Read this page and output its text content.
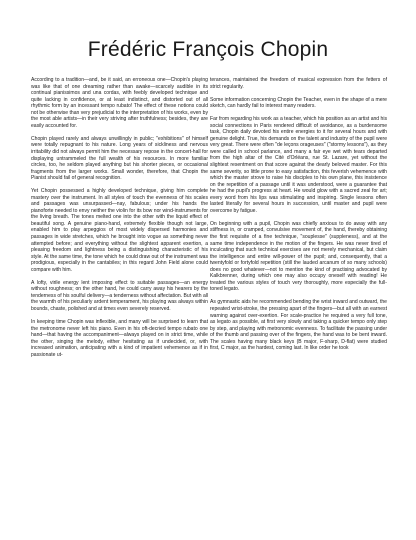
Frédéric François Chopin

According to a tradition—and, be it said, an erroneous one—Chopin's playing was like that of one dreaming rather than awake—scarcely audible in its continual pianissimos and una cordas, with feebly developed technique and quite lacking in confidence, or at least indistinct, and distorted out of all rhythmic form by an incessant tempo rubato! The effect of these notions could not be otherwise than very prejudicial to the interpretation of his works, even by the most able artists—in their very striving after truthfulness; besides, they are easily accounted for.

Chopin played rarely and always unwillingly in public; "exhibitions" of himself were totally repugnant to his nature. Long years of sickliness and nervous irritability did not always permit him the necessary repose in the concert-hall for displaying untrammeled the full wealth of his resources. In more familiar circles, too, he seldom played anything but his shorter pieces, or occasional fragments from the larger works. Small wonder, therefore, that Chopin the Pianist should fail of general recognition.

Yet Chopin possessed a highly developed technique, giving him complete mastery over the instrument. In all styles of touch the evenness of his scales and passages was unsurpassed—nay, fabulous; under his hands the pianoforte needed to envy neither the violin for its bow nor wind-instruments for the living breath. The tones melted one into the other with the liquid effect of beautiful song. A genuine piano-hand, extremely flexible though not large, enabled him to play arpeggios of most widely dispersed harmonies and passages in wide stretches, which he brought into vogue as something never attempted before; and everything without the slightest apparent exertion, a pleasing freedom and lightness being a distinguishing characteristic of his style. At the same time, the tone which he could draw out of the instrument was prodigious, especially in the cantabiles; in this regard John Field alone could compare with him.

A lofty, virile energy lent imposing effect to suitable passages—an energy without roughness; on the other hand, he could carry away his hearers by the tenderness of his soulful delivery—a tenderness without affectation. But with all the warmth of his peculiarly ardent temperament, his playing was always within bounds, chaste, polished and at times even severely reserved.

In keeping time Chopin was inflexible, and many will be surprised to learn that the metronome never left his piano. Even in his oft-decried tempo rubato one hand—that having the accompaniment—always played on in strict time, while the other, singing the melody, either hesitating as if undecided, or, with increased animation, anticipating with a kind of impatient vehemence as if in passionate ut-

terances, maintained the freedom of musical expression from the fetters of strict regularity.

Some information concerning Chopin the Teacher, even in the shape of a mere sketch, can hardly fail to interest many readers.

Far from regarding his work as a teacher, which his position as an artist and his social connections in Paris rendered difficult of avoidance, as a burdensome task, Chopin daily devoted his entire energies to it for several hours and with genuine delight. True, his demands on the talent and industry of the pupil were very great. There were often "de leçons orageuses" ("stormy lessons"), as they were called in school parlance, and many a fair eye wet with tears departed from the high altar of the Cité d'Orléans, rue St. Lazare, yet without the slightest resentment on that score against the dearly beloved master. For this same severity, so little prone to easy satisfaction, this feverish vehemence with which the master strove to raise his disciples to his own plane, this insistence on the repetition of a passage until it was understood, were a guarantee that he had the pupil's progress at heart. He would glow with a sacred zeal for art; every word from his lips was stimulating and inspiring. Single lessons often lasted literally for several hours in succession, until master and pupil were overcome by fatigue.

On beginning with a pupil, Chopin was chiefly anxious to do away with any stiffness in, or cramped, convulsive movement of, the hand, thereby obtaining the first requisite of a fine technique, "souplesse" (suppleness), and at the same time independence in the motion of the fingers. He was never tired of inculcating that such technical exercises are not merely mechanical, but claim the intelligence and entire will-power of the pupil; and, consequently, that a twentyfold or fortyfold repetition (still the lauded arcanum of so many schools) does no good whatever—not to mention the kind of practising advocated by Kalkbrenner, during which one may also occupy oneself with reading! He treated the various styles of touch very thoroughly, more especially the full-toned legato.

As gymnastic aids he recommended bending the wrist inward and outward, the repeated wrist-stroke, the pressing apart of the fingers—but all with an earnest warning against over-exertion. For scale-practice he required a very full tone, as legato as possible, at first very slowly and taking a quicker tempo only step by step, and playing with metronomic evenness. To facilitate the passing under of the thumb and passing over of the fingers, the hand was to be bent inward. The scales having many black keys (B major, F-sharp, D-flat) were studied first, C major, as the hardest, coming last. In like order he took
